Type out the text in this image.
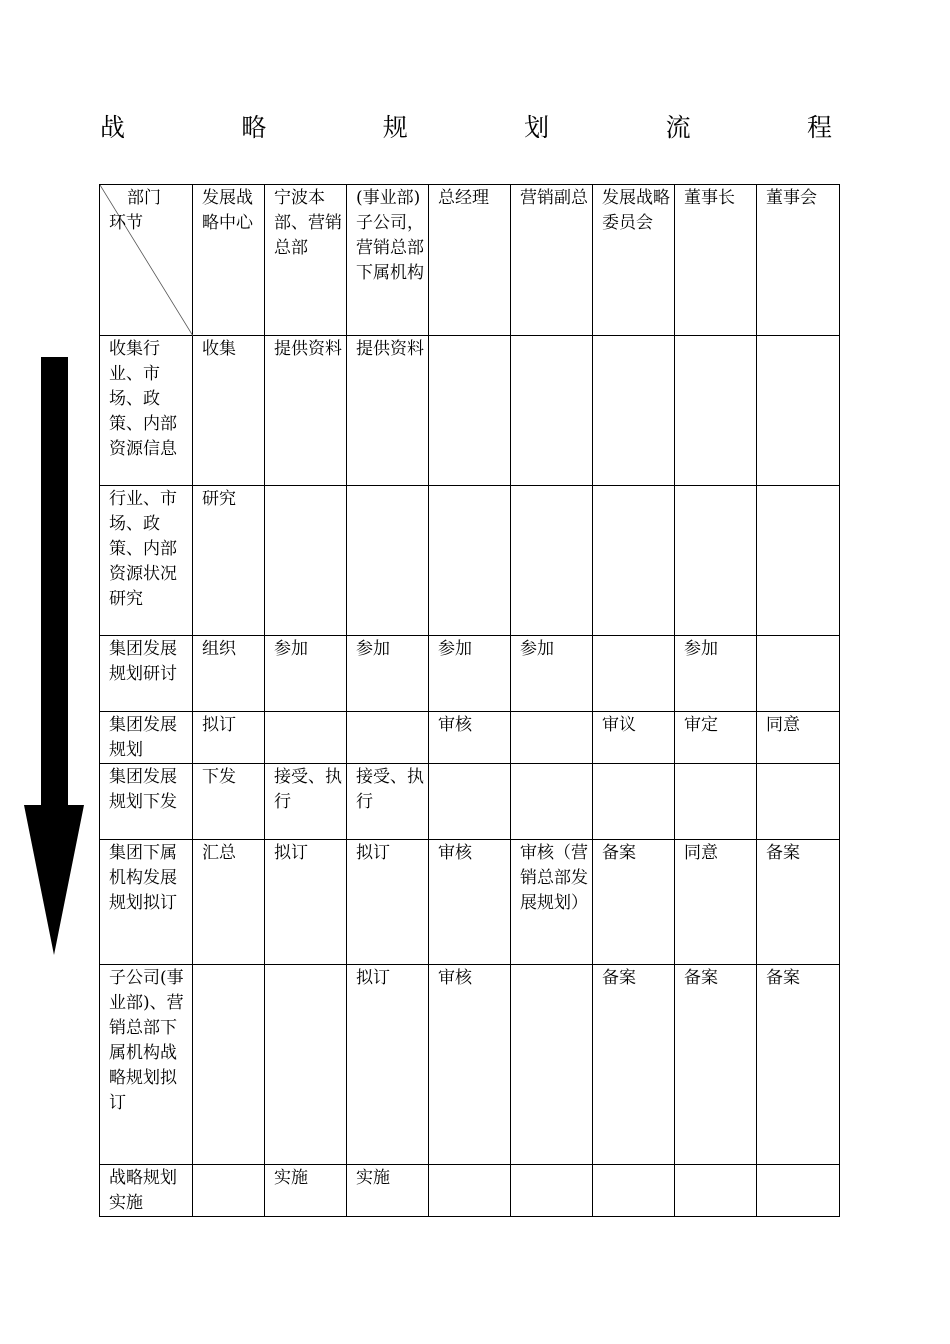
战	略	规	划	流	程
部门
环节	发展战略中心	宁波本部、营销总部	(事业部)子公司，营销总部下属机构	总经理	营销副总	发展战略委员会	董事长	董事会
收集行业、市场、政策、内部资源信息	收集	提供资料	提供资料					
行业、市场、政策、内部资源状况研究	研究							
集团发展规划研讨	组织	参加	参加	参加	参加		参加	
集团发展规划	拟订			审核		审议	审定	同意
集团发展规划下发	下发	接受、执行	接受、执行					
集团下属机构发展规划拟订	汇总	拟订	拟订	审核	审核（营销总部发展规划）	备案	同意	备案
子公司(事业部)、营销总部下属机构战略规划拟订			拟订	审核		备案	备案	备案
战略规划实施		实施	实施					
